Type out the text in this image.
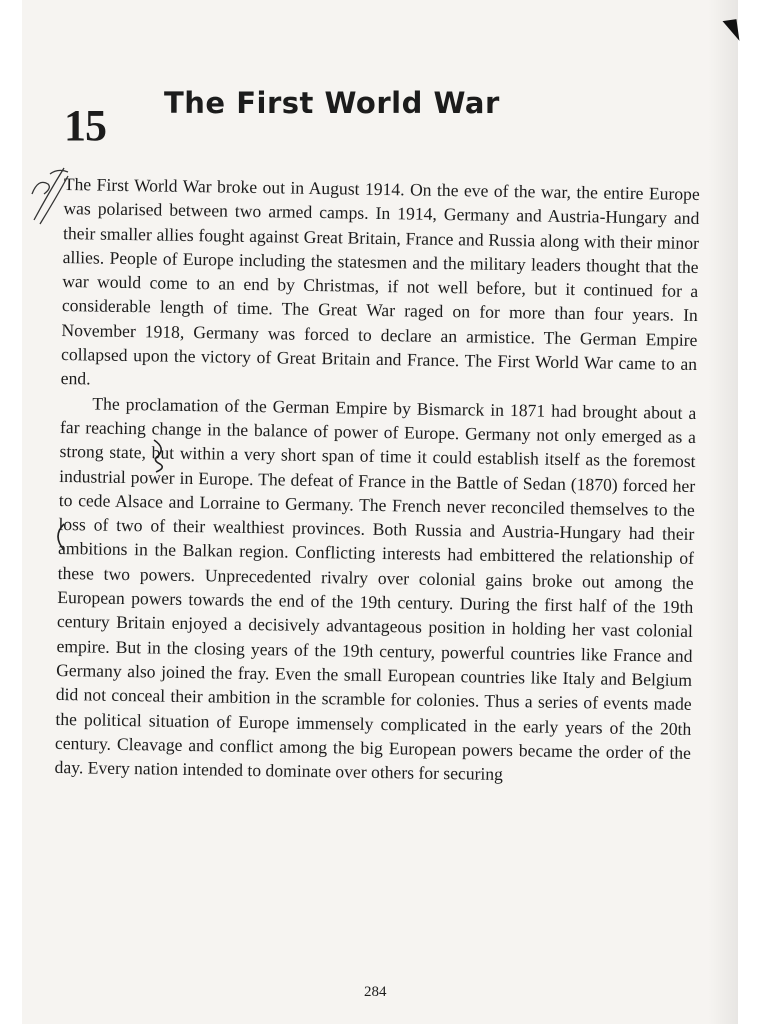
15 The First World War

The First World War broke out in August 1914. On the eve of the war, the entire Europe was polarised between two armed camps. In 1914, Germany and Austria-Hungary and their smaller allies fought against Great Britain, France and Russia along with their minor allies. People of Europe including the statesmen and the military leaders thought that the war would come to an end by Christmas, if not well before, but it continued for a considerable length of time. The Great War raged on for more than four years. In November 1918, Germany was forced to declare an armistice. The German Empire collapsed upon the victory of Great Britain and France. The First World War came to an end.

The proclamation of the German Empire by Bismarck in 1871 had brought about a far reaching change in the balance of power of Europe. Germany not only emerged as a strong state, but within a very short span of time it could establish itself as the foremost industrial power in Europe. The defeat of France in the Battle of Sedan (1870) forced her to cede Alsace and Lorraine to Germany. The French never reconciled themselves to the loss of two of their wealthiest provinces. Both Russia and Austria-Hungary had their ambitions in the Balkan region. Conflicting interests had embittered the relationship of these two powers. Unprecedented rivalry over colonial gains broke out among the European powers towards the end of the 19th century. During the first half of the 19th century Britain enjoyed a decisively advantageous position in holding her vast colonial empire. But in the closing years of the 19th century, powerful countries like France and Germany also joined the fray. Even the small European countries like Italy and Belgium did not conceal their ambition in the scramble for colonies. Thus a series of events made the political situation of Europe immensely complicated in the early years of the 20th century. Cleavage and conflict among the big European powers became the order of the day. Every nation intended to dominate over others for securing

284
